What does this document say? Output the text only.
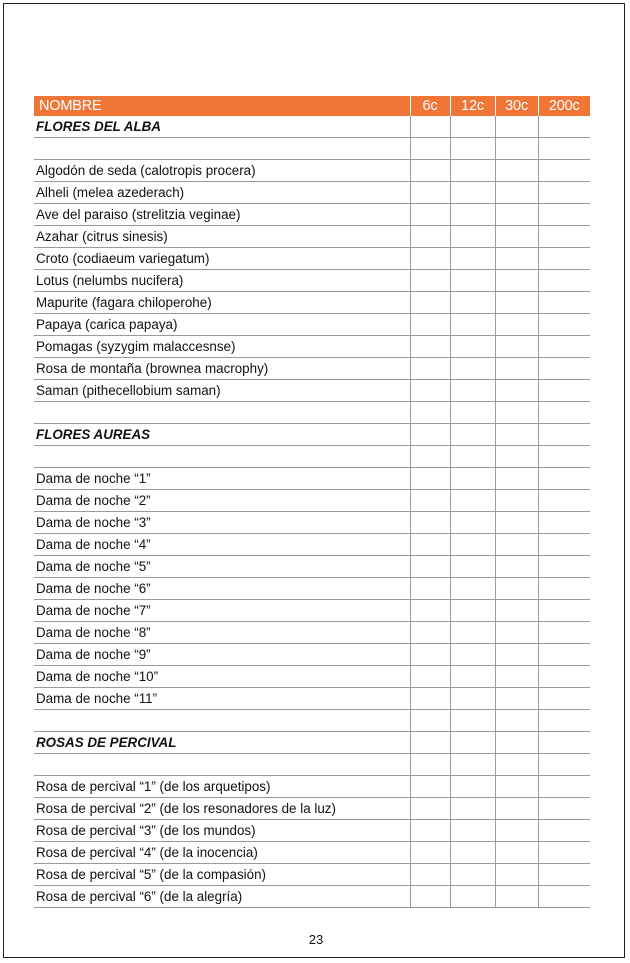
NOMBRE	6c	12c	30c	200c
FLORES DEL ALBA				

Algodón de seda (calotropis procera)				
Alheli (melea azederach)				
Ave del paraiso (strelitzia veginae)				
Azahar (citrus sinesis)				
Croto (codiaeum variegatum)				
Lotus (nelumbs nucifera)				
Mapurite (fagara chiloperohe)				
Papaya (carica papaya)				
Pomagas (syzygim malaccesnse)				
Rosa de montaña (brownea macrophy)				
Saman (pithecellobium saman)				

FLORES AUREAS				

Dama de noche “1”				
Dama de noche “2”				
Dama de noche “3”				
Dama de noche “4”				
Dama de noche “5”				
Dama de noche “6”				
Dama de noche “7”				
Dama de noche “8”				
Dama de noche “9”				
Dama de noche “10”				
Dama de noche “11”				

ROSAS DE PERCIVAL				

Rosa de percival “1” (de los arquetipos)				
Rosa de percival “2” (de los resonadores de la luz)				
Rosa de percival “3” (de los mundos)				
Rosa de percival “4” (de la inocencia)				
Rosa de percival “5” (de la compasión)				
Rosa de percival “6” (de la alegría)				
23
